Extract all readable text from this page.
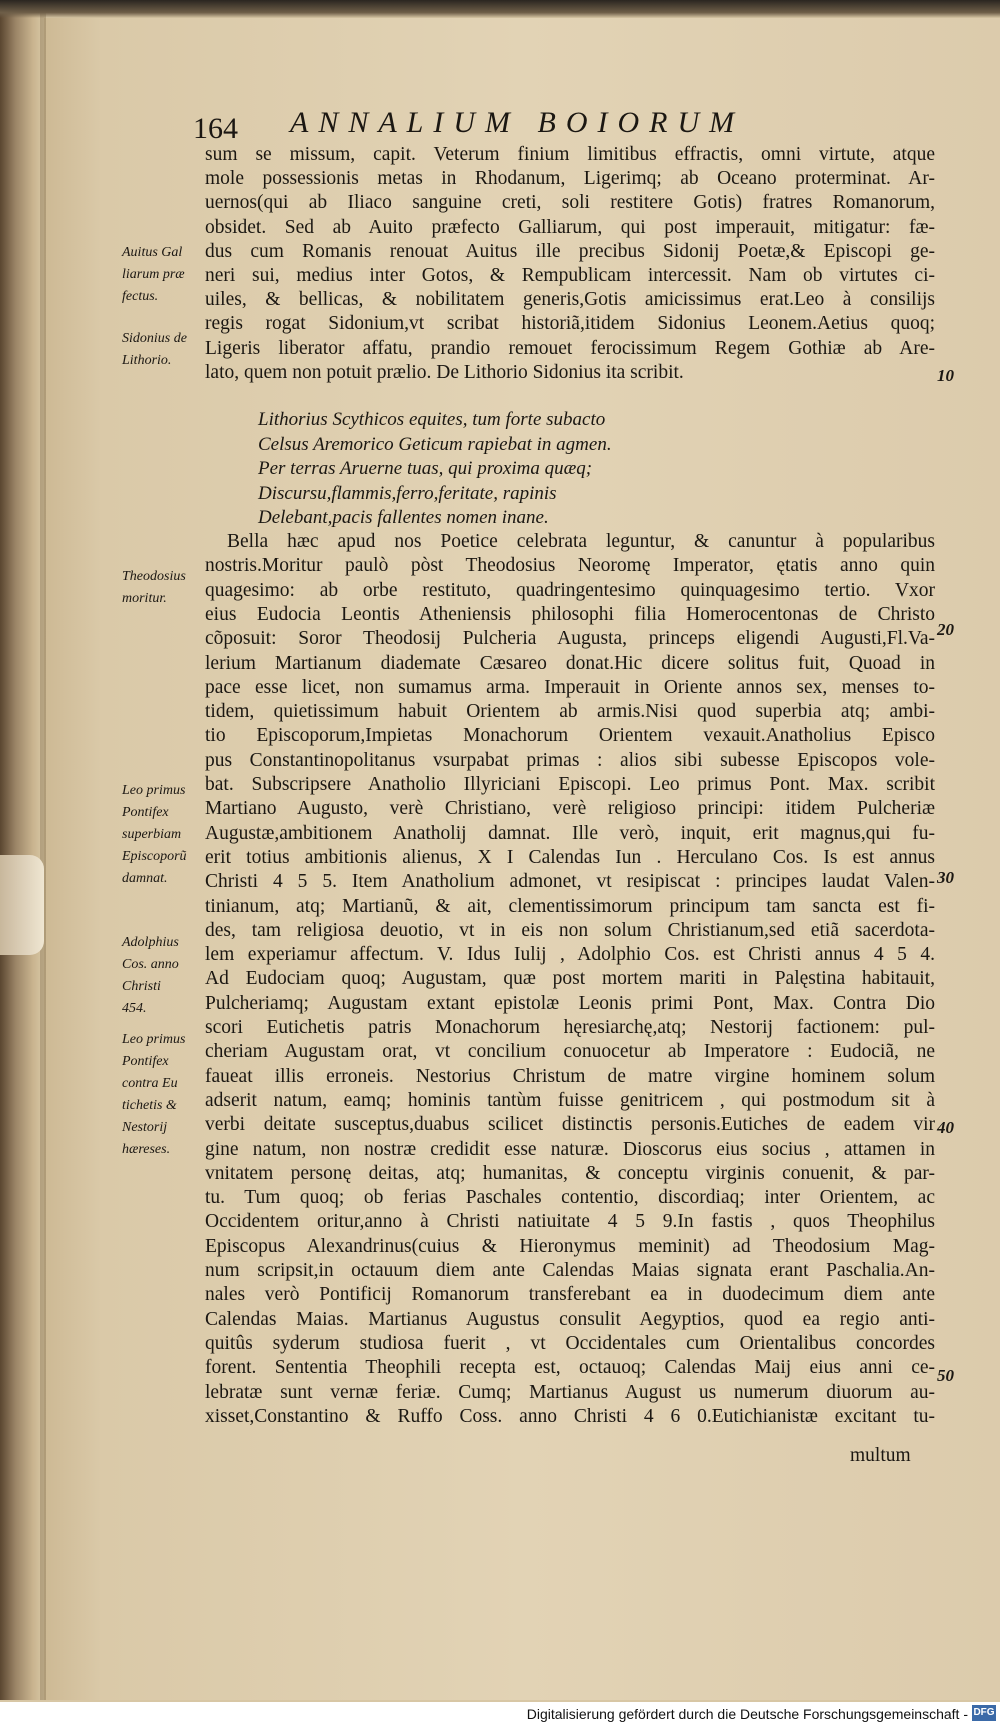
164 ANNALIUM BOIORUM
sum se missum, capit. Veterum finium limitibus effractis, omni virtute, atque
mole possessionis metas in Rhodanum, Ligerimq; ab Oceano proterminat. Ar-
uernos(qui ab Iliaco sanguine creti, soli restitere Gotis) fratres Romanorum,
obsidet. Sed ab Auito præfecto Galliarum, qui post imperauit, mitigatur: fæ-
dus cum Romanis renouat Auitus ille precibus Sidonij Poetæ,& Episcopi ge-
neri sui, medius inter Gotos, & Rempublicam intercessit. Nam ob virtutes ci-
uiles, & bellicas, & nobilitatem generis,Gotis amicissimus erat.Leo à consilijs
regis rogat Sidonium,vt scribat historiã,itidem Sidonius Leonem.Aetius quoq;
Ligeris liberator affatu, prandio remouet ferocissimum Regem Gothiæ ab Are-
lato, quem non potuit prælio. De Lithorio Sidonius ita scribit.
Lithorius Scythicos equites, tum forte subacto
Celsus Aremorico Geticum rapiebat in agmen.
Per terras Aruerne tuas, qui proxima quæq;
Discursu,flammis,ferro,feritate, rapinis
Delebant,pacis fallentes nomen inane.
Bella hæc apud nos Poetice celebrata leguntur, & canuntur à popularibus
nostris.Moritur paulò pòst Theodosius Neoromę Imperator, ętatis anno quin
quagesimo: ab orbe restituto, quadringentesimo quinquagesimo tertio. Vxor
eius Eudocia Leontis Atheniensis philosophi filia Homerocentonas de Christo
cõposuit: Soror Theodosij Pulcheria Augusta, princeps eligendi Augusti,Fl.Va-
lerium Martianum diademate Cæsareo donat.Hic dicere solitus fuit, Quoad in
pace esse licet, non sumamus arma. Imperauit in Oriente annos sex, menses to-
tidem, quietissimum habuit Orientem ab armis.Nisi quod superbia atq; ambi-
tio Episcoporum,Impietas Monachorum Orientem vexauit.Anatholius Episco
pus Constantinopolitanus vsurpabat primas : alios sibi subesse Episcopos vole-
bat. Subscripsere Anatholio Illyriciani Episcopi. Leo primus Pont. Max. scribit
Martiano Augusto, verè Christiano, verè religioso principi: itidem Pulcheriæ
Augustæ,ambitionem Anatholij damnat. Ille verò, inquit, erit magnus,qui fu-
erit totius ambitionis alienus, X I Calendas Iun . Herculano Cos. Is est annus
Christi 4 5 5. Item Anatholium admonet, vt resipiscat : principes laudat Valen-
tinianum, atq; Martianũ, & ait, clementissimorum principum tam sancta est fi-
des, tam religiosa deuotio, vt in eis non solum Christianum,sed etiã sacerdota-
lem experiamur affectum. V. Idus Iulij , Adolphio Cos. est Christi annus 4 5 4.
Ad Eudociam quoq; Augustam, quæ post mortem mariti in Palęstina habitauit,
Pulcheriamq; Augustam extant epistolæ Leonis primi Pont, Max. Contra Dio
scori Eutichetis patris Monachorum hęresiarchę,atq; Nestorij factionem: pul-
cheriam Augustam orat, vt concilium conuocetur ab Imperatore : Eudociã, ne
faueat illis erroneis. Nestorius Christum de matre virgine hominem solum
adserit natum, eamq; hominis tantùm fuisse genitricem , qui postmodum sit à
verbi deitate susceptus,duabus scilicet distinctis personis.Eutiches de eadem vir
gine natum, non nostræ credidit esse naturæ. Dioscorus eius socius , attamen in
vnitatem personę deitas, atq; humanitas, & conceptu virginis conuenit, & par-
tu. Tum quoq; ob ferias Paschales contentio, discordiaq; inter Orientem, ac
Occidentem oritur,anno à Christi natiuitate 4 5 9.In fastis , quos Theophilus
Episcopus Alexandrinus(cuius & Hieronymus meminit) ad Theodosium Mag-
num scripsit,in octauum diem ante Calendas Maias signata erant Paschalia.An-
nales verò Pontificij Romanorum transferebant ea in duodecimum diem ante
Calendas Maias. Martianus Augustus consulit Aegyptios, quod ea regio anti-
quitûs syderum studiosa fuerit , vt Occidentales cum Orientalibus concordes
forent. Sententia Theophili recepta est, octauoq; Calendas Maij eius anni ce-
lebratæ sunt vernæ feriæ. Cumq; Martianus August us numerum diuorum au-
xisset,Constantino & Ruffo Coss. anno Christi 4 6 0.Eutichianistæ excitant tu-
Auitus Gal
liarum præ
fectus.
Sidonius de
Lithorio.
Theodosius
moritur.
Leo primus
Pontifex
superbiam
Episcoporũ
damnat.
Adolphius
Cos. anno
Christi
454.
Leo primus
Pontifex
contra Eu
tichetis &
Nestorij
hæreses.
10
20
30
40
50
multum
Digitalisierung gefördert durch die Deutsche Forschungsgemeinschaft - DFG
